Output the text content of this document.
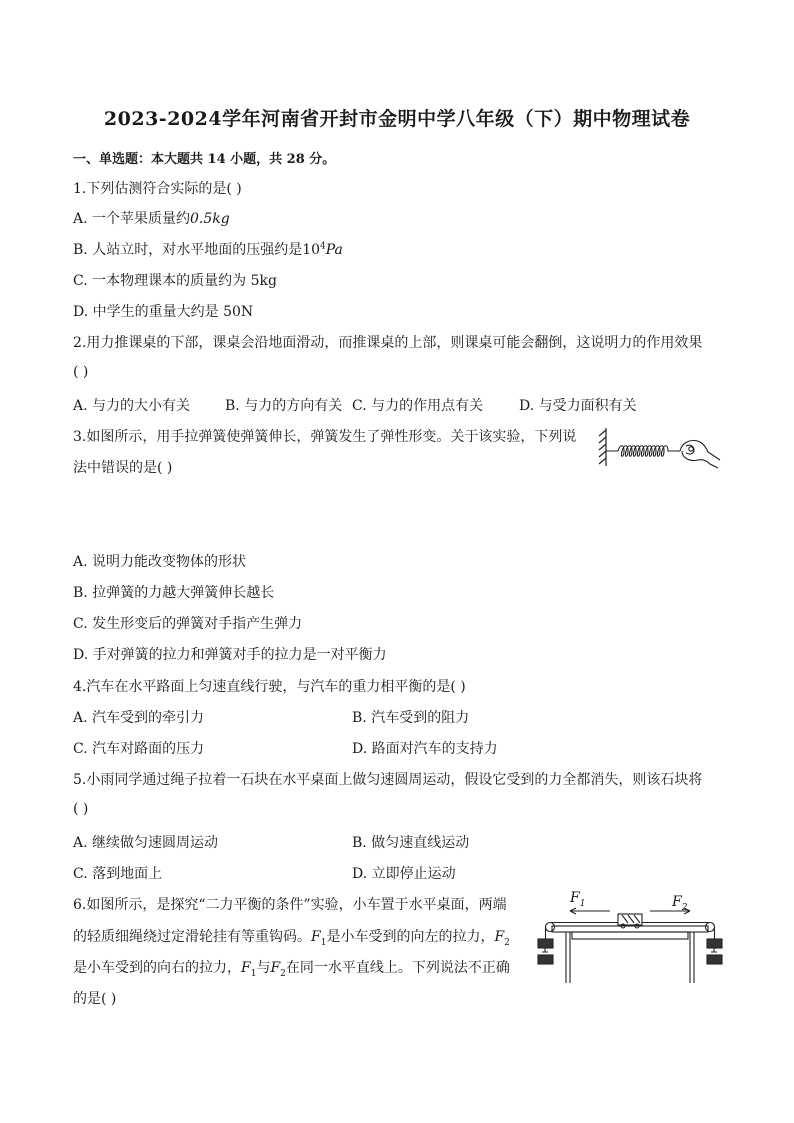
2023-2024学年河南省开封市金明中学八年级（下）期中物理试卷
一、单选题：本大题共 14 小题，共 28 分。
1.下列估测符合实际的是( )
A. 一个苹果质量约0.5kg
B. 人站立时，对水平地面的压强约是$10^4Pa$
C. 一本物理课本的质量约为 5kg
D. 中学生的重量大约是 50N
2.用力推课桌的下部，课桌会沿地面滑动，而推课桌的上部，则课桌可能会翻倒，这说明力的作用效果
( )
A. 与力的大小有关 B. 与力的方向有关 C. 与力的作用点有关	D. 与受力面积有关
3.如图所示，用手拉弹簧使弹簧伸长，弹簧发生了弹性形变。关于该实验，下列说
法中错误的是( )
A. 说明力能改变物体的形状
B. 拉弹簧的力越大弹簧伸长越长
C. 发生形变后的弹簧对手指产生弹力
D. 手对弹簧的拉力和弹簧对手的拉力是一对平衡力
4.汽车在水平路面上匀速直线行驶，与汽车的重力相平衡的是( )
A. 汽车受到的牵引力	B. 汽车受到的阻力
C. 汽车对路面的压力	D. 路面对汽车的支持力
5.小雨同学通过绳子拉着一石块在水平桌面上做匀速圆周运动，假设它受到的力全都消失，则该石块将
( )
A. 继续做匀速圆周运动	B. 做匀速直线运动
C. 落到地面上	D. 立即停止运动
6.如图所示，是探究“二力平衡的条件”实验，小车置于水平桌面，两端
的轻质细绳绕过定滑轮挂有等重钩码。$F_1$是小车受到的向左的拉力，$F_2$
是小车受到的向右的拉力，$F_1$与$F_2$在同一水平直线上。下列说法不正确
的是( )
$F_1$	$F_2$
